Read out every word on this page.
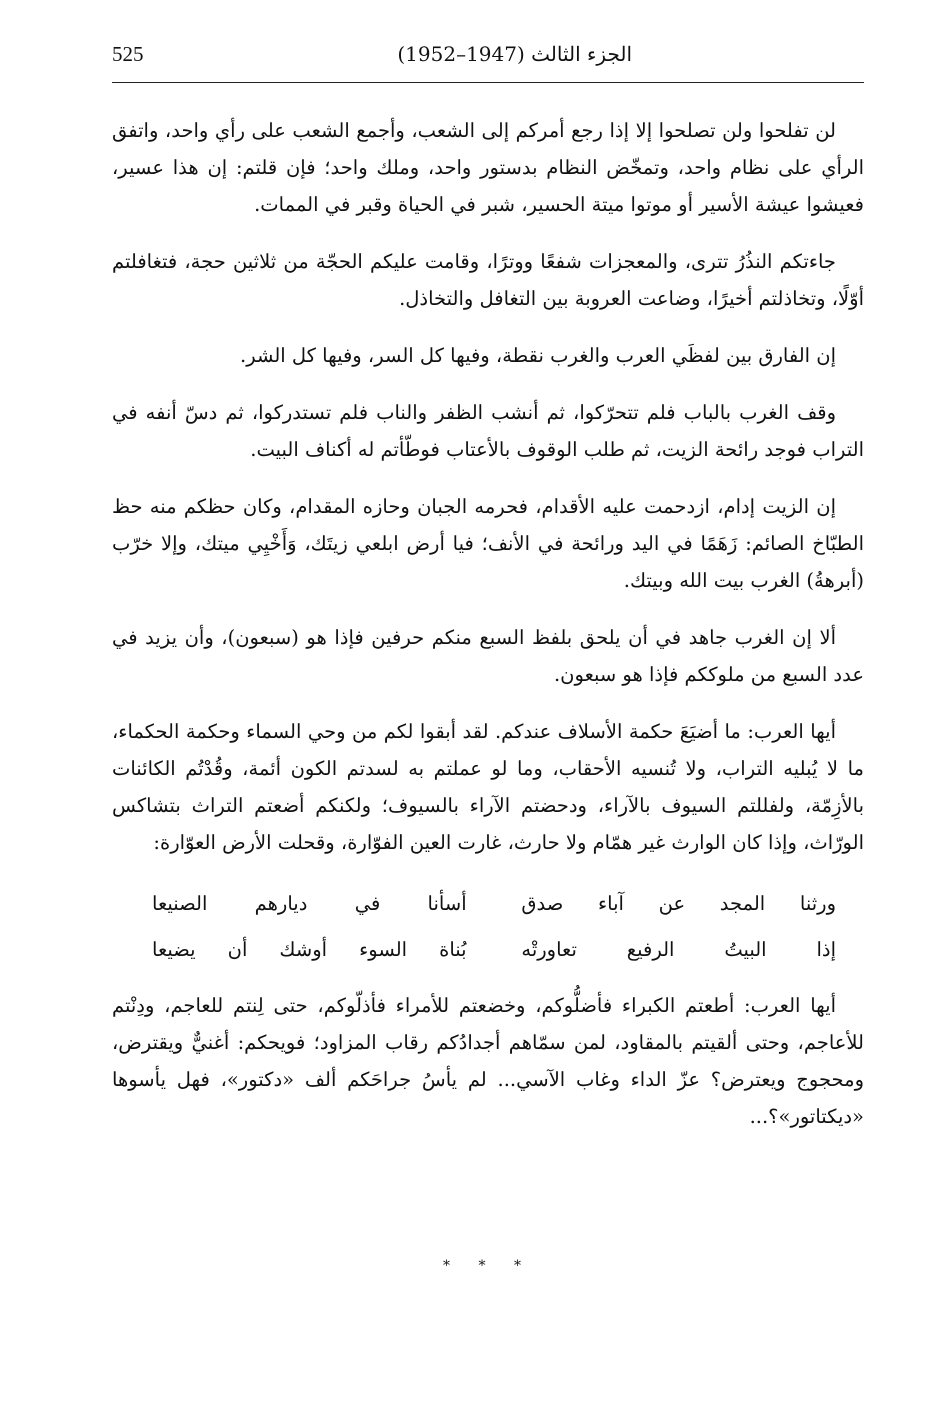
525	الجزء الثالث (1947–1952)

لن تفلحوا ولن تصلحوا إلا إذا رجع أمركم إلى الشعب، وأجمع الشعب على رأي واحد، واتفق الرأي على نظام واحد، وتمخّض النظام بدستور واحد، وملك واحد؛ فإن قلتم: إن هذا عسير، فعيشوا عيشة الأسير أو موتوا ميتة الحسير، شبر في الحياة وقبر في الممات.

جاءتكم النذُرُ تترى، والمعجزات شفعًا ووترًا، وقامت عليكم الحجّة من ثلاثين حجة، فتغافلتم أوّلًا، وتخاذلتم أخيرًا، وضاعت العروبة بين التغافل والتخاذل.

إن الفارق بين لفظَي العرب والغرب نقطة، وفيها كل السر، وفيها كل الشر.

وقف الغرب بالباب فلم تتحرّكوا، ثم أنشب الظفر والناب فلم تستدركوا، ثم دسّ أنفه في التراب فوجد رائحة الزيت، ثم طلب الوقوف بالأعتاب فوطّأتم له أكناف البيت.

إن الزيت إدام، ازدحمت عليه الأقدام، فحرمه الجبان وحازه المقدام، وكان حظكم منه حظ الطبّاخ الصائم: زَهَمًا في اليد ورائحة في الأنف؛ فيا أرض ابلعي زيتَك، وَأَخْيِي ميتك، وإلا خرّب (أبرهةُ) الغرب بيت الله وبيتك.

ألا إن الغرب جاهد في أن يلحق بلفظ السبع منكم حرفين فإذا هو (سبعون)، وأن يزيد في عدد السبع من ملوككم فإذا هو سبعون.

أيها العرب: ما أضيَعَ حكمة الأسلاف عندكم. لقد أبقوا لكم من وحي السماء وحكمة الحكماء، ما لا يُبليه التراب، ولا تُنسيه الأحقاب، وما لو عملتم به لسدتم الكون أئمة، وقُدْتُم الكائنات بالأزِمّة، ولفللتم السيوف بالآراء، ودحضتم الآراء بالسيوف؛ ولكنكم أضعتم التراث بتشاكس الورّاث، وإذا كان الوارث غير همّام ولا حارث، غارت العين الفوّارة، وقحلت الأرض العوّارة:

ورثنا المجد عن آباء صدق
أسأنا في ديارهم الصنيعا
إذا البيتُ الرفيع تعاورتْه
بُناة السوء أوشك أن يضيعا

أيها العرب: أطعتم الكبراء فأضلُّوكم، وخضعتم للأمراء فأذلّوكم، حتى لِنتم للعاجم، ودِنْتم للأعاجم، وحتى ألقيتم بالمقاود، لمن سمّاهم أجدادُكم رقاب المزاود؛ فويحكم: أغنيٌّ ويقترض، ومحجوج ويعترض؟ عزّ الداء وغاب الآسي... لم يأسُ جراحَكم ألف «دكتور»، فهل يأسوها «ديكتاتور»؟...

* * *
